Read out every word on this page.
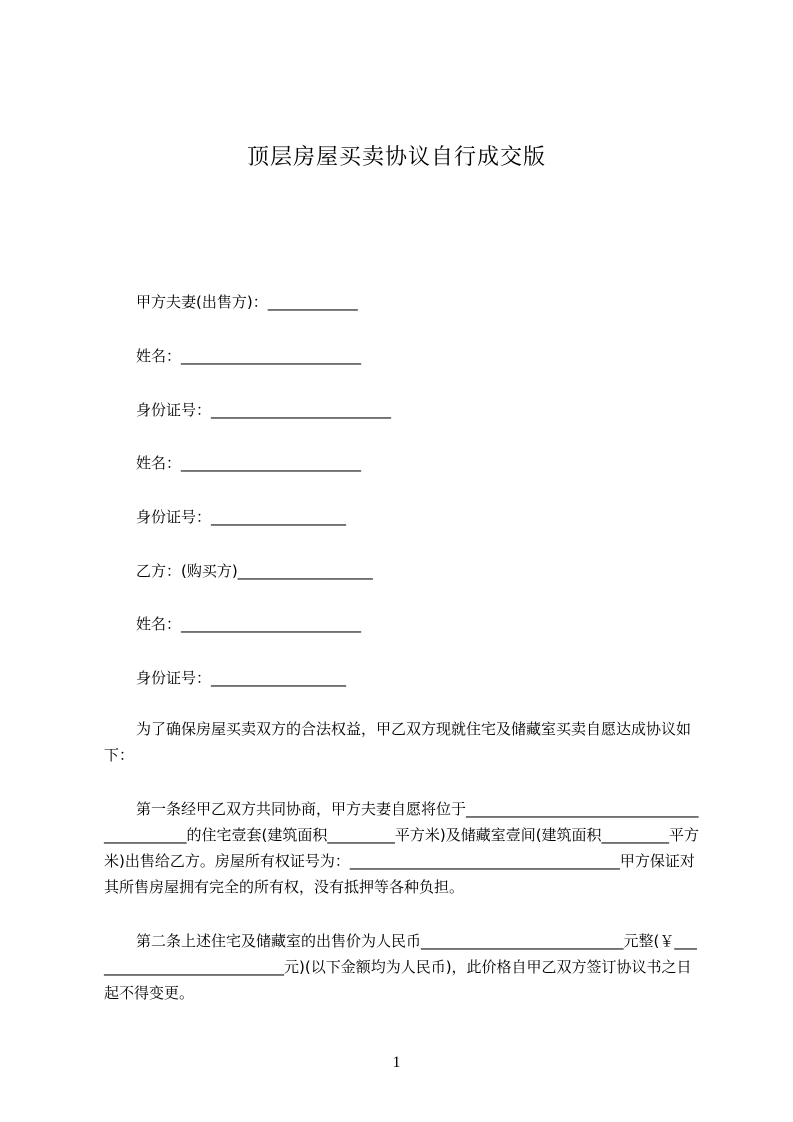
顶层房屋买卖协议自行成交版
甲方夫妻(出售方)：____________
姓名：________________________
身份证号：________________________
姓名：________________________
身份证号：__________________
乙方：(购买方)__________________
姓名：________________________
身份证号：__________________

为了确保房屋买卖双方的合法权益，甲乙双方现就住宅及储藏室买卖自愿达成协议如下：

第一条经甲乙双方共同协商，甲方夫妻自愿将位于__________________________________________的住宅壹套(建筑面积_________平方米)及储藏室壹间(建筑面积_________平方米)出售给乙方。房屋所有权证号为：____________________________________甲方保证对其所售房屋拥有完全的所有权，没有抵押等各种负担。

第二条上述住宅及储藏室的出售价为人民币___________________________元整(￥___________________________元)(以下金额均为人民币)，此价格自甲乙双方签订协议书之日起不得变更。

1
